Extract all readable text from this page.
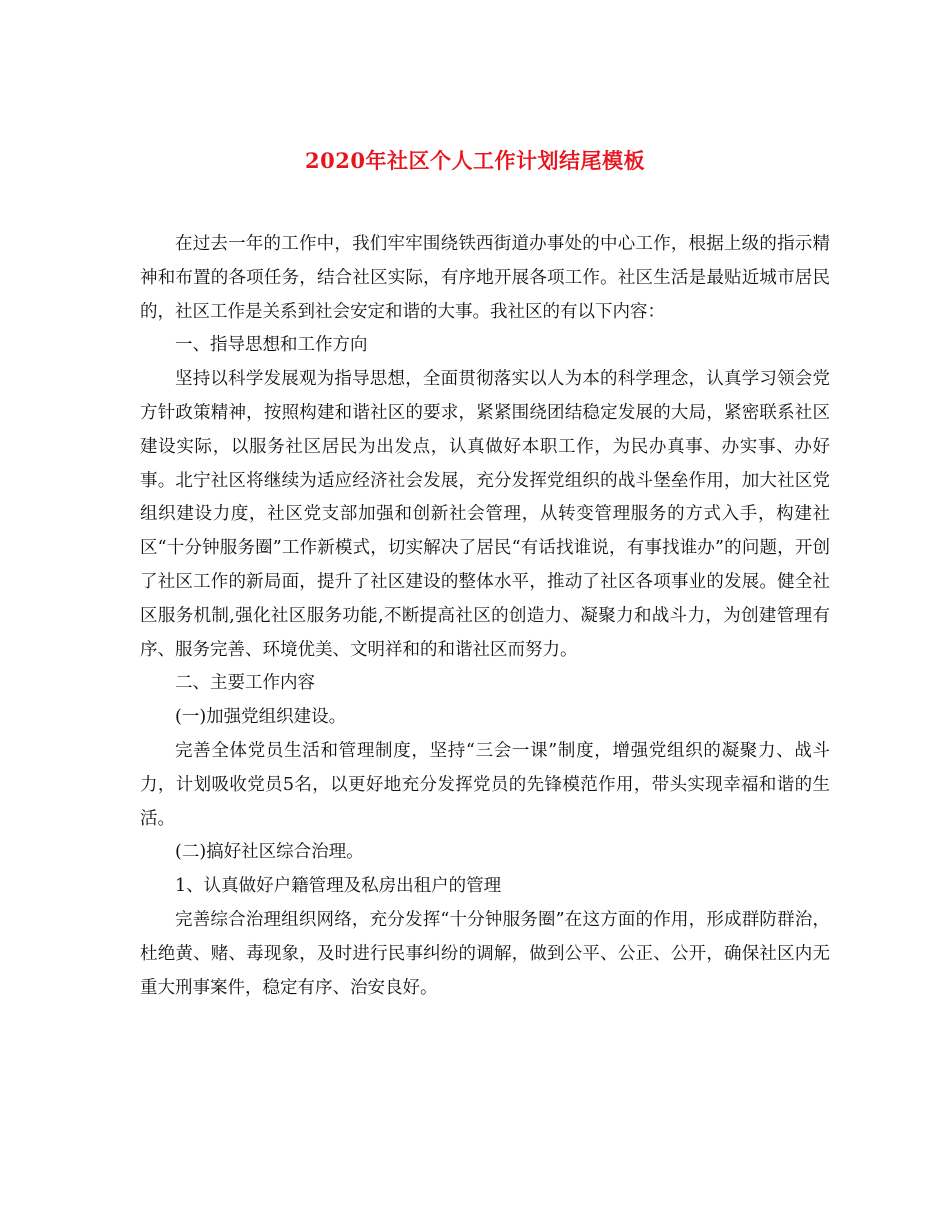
2020年社区个人工作计划结尾模板

在过去一年的工作中，我们牢牢围绕铁西街道办事处的中心工作，根据上级的指示精神和布置的各项任务，结合社区实际，有序地开展各项工作。社区生活是最贴近城市居民的，社区工作是关系到社会安定和谐的大事。我社区的有以下内容：

一、指导思想和工作方向

坚持以科学发展观为指导思想，全面贯彻落实以人为本的科学理念，认真学习领会党方针政策精神，按照构建和谐社区的要求，紧紧围绕团结稳定发展的大局，紧密联系社区建设实际，以服务社区居民为出发点，认真做好本职工作，为民办真事、办实事、办好事。北宁社区将继续为适应经济社会发展，充分发挥党组织的战斗堡垒作用，加大社区党组织建设力度，社区党支部加强和创新社会管理，从转变管理服务的方式入手，构建社区“十分钟服务圈”工作新模式，切实解决了居民“有话找谁说，有事找谁办”的问题，开创了社区工作的新局面，提升了社区建设的整体水平，推动了社区各项事业的发展。健全社区服务机制,强化社区服务功能,不断提高社区的创造力、凝聚力和战斗力，为创建管理有序、服务完善、环境优美、文明祥和的和谐社区而努力。

二、主要工作内容

(一)加强党组织建设。

完善全体党员生活和管理制度，坚持“三会一课”制度，增强党组织的凝聚力、战斗力，计划吸收党员5名，以更好地充分发挥党员的先锋模范作用，带头实现幸福和谐的生活。

(二)搞好社区综合治理。

1、认真做好户籍管理及私房出租户的管理

完善综合治理组织网络，充分发挥“十分钟服务圈”在这方面的作用，形成群防群治，杜绝黄、赌、毒现象，及时进行民事纠纷的调解，做到公平、公正、公开，确保社区内无重大刑事案件，稳定有序、治安良好。
